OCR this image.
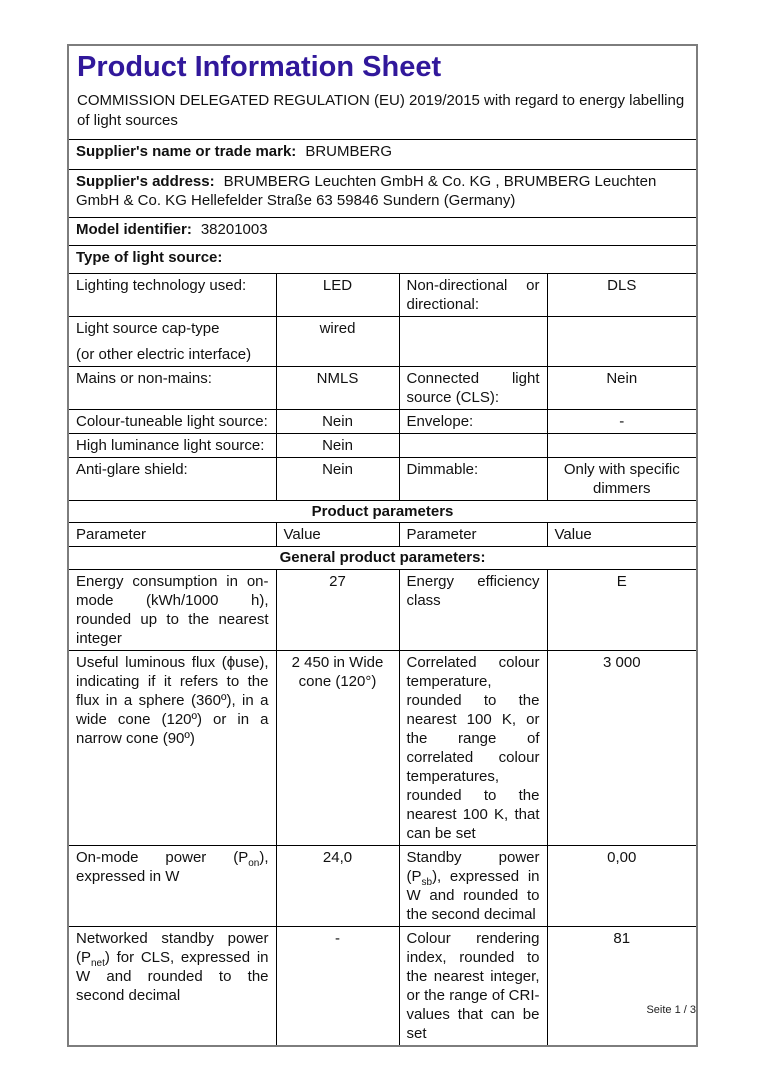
Product Information Sheet

COMMISSION DELEGATED REGULATION (EU) 2019/2015 with regard to energy labelling of light sources

Supplier's name or trade mark: BRUMBERG			
Supplier's address: BRUMBERG Leuchten GmbH & Co. KG , BRUMBERG Leuchten GmbH & Co. KG Hellefelder Straße 63 59846 Sundern (Germany)			
Model identifier: 38201003			
Type of light source:			
Lighting technology used:	LED	Non-directional or directional:	DLS

Light source cap-type
(or other electric interface)	wired		
Mains or non-mains:	NMLS	Connected light source (CLS):	Nein
Colour-tuneable light source:	Nein	Envelope:	-
High luminance light source:	Nein		
Anti-glare shield:	Nein	Dimmable:	Only with specific dimmers
Product parameters			
Parameter	Value	Parameter	Value
General product parameters:			
Energy consumption in on-mode (kWh/1000 h), rounded up to the nearest integer	27	Energy efficiency class	E
Useful luminous flux (ϕuse), indicating if it refers to the flux in a sphere (360º), in a wide cone (120º) or in a narrow cone (90º)	2 450 in Wide cone (120°)	Correlated colour temperature, rounded to the nearest 100 K, or the range of correlated colour temperatures, rounded to the nearest 100 K, that can be set	3 000
On-mode power $(P_{on})$, expressed in W	24,0	Standby power $(P_{sb})$, expressed in W and rounded to the second decimal	0,00
Networked standby power $(P_{net})$ for CLS, expressed in W and rounded to the second decimal	-	Colour rendering index, rounded to the nearest integer, or the range of CRI-values that can be set	81
Seite 1 / 3
